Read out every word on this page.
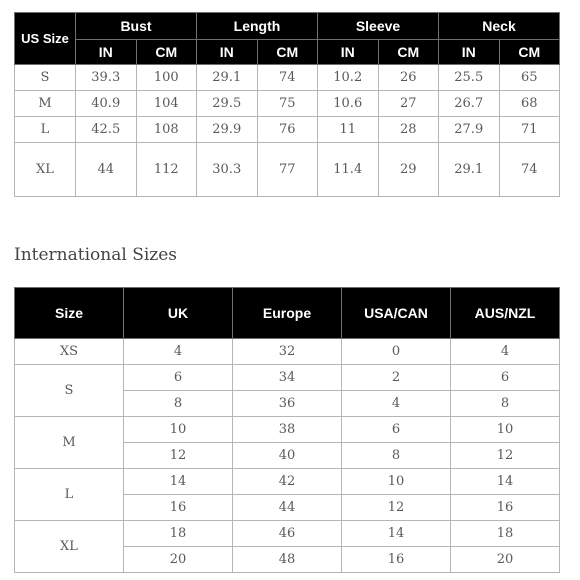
US Size	Bust		Length		Sleeve		Neck	
	IN	CM	IN	CM	IN	CM	IN	CM
S	39.3	100	29.1	74	10.2	26	25.5	65
M	40.9	104	29.5	75	10.6	27	26.7	68
L	42.5	108	29.9	76	11	28	27.9	71
XL	44	112	30.3	77	11.4	29	29.1	74
International Sizes
Size	UK	Europe	USA/CAN	AUS/NZL
XS	4	32	0	4
S	6	34	2	6
	8	36	4	8
M	10	38	6	10
	12	40	8	12
L	14	42	10	14
	16	44	12	16
XL	18	46	14	18
	20	48	16	20
